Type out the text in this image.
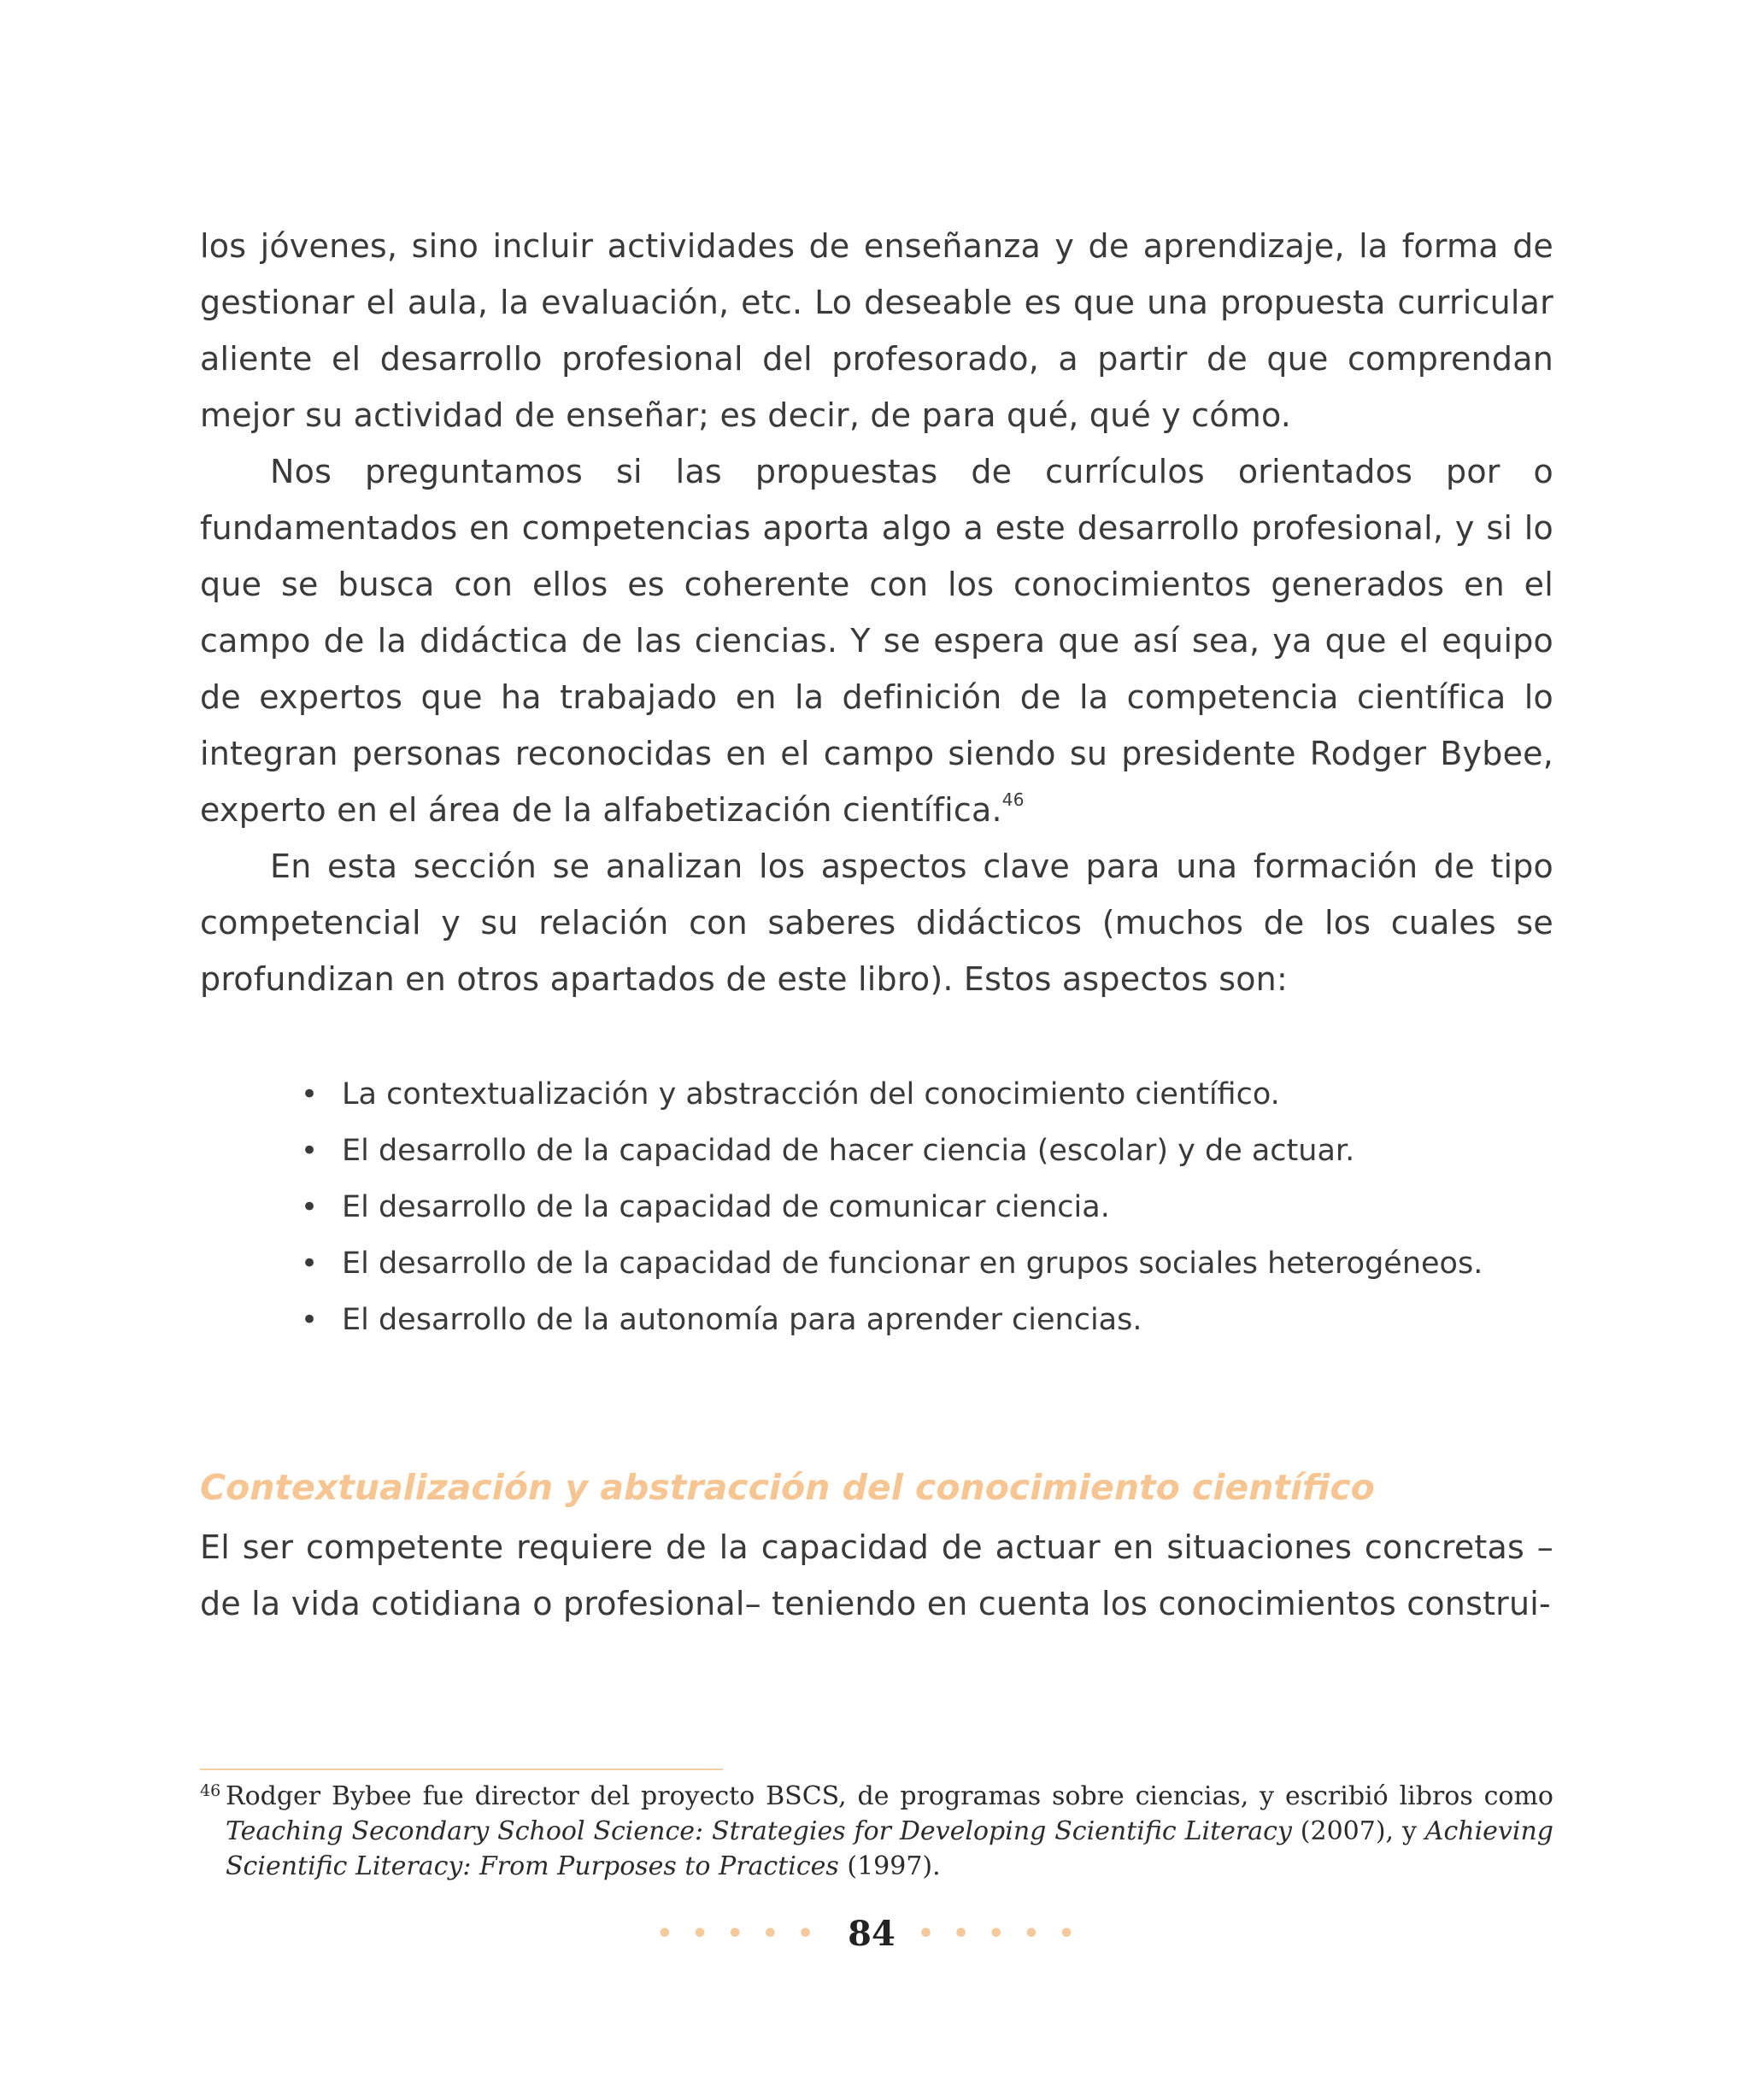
los jóvenes, sino incluir actividades de enseñanza y de aprendizaje, la forma de gestionar el aula, la evaluación, etc. Lo deseable es que una propuesta curricular aliente el desarrollo profesional del profesorado, a partir de que comprendan mejor su actividad de enseñar; es decir, de para qué, qué y cómo.

Nos preguntamos si las propuestas de currículos orientados por o fundamentados en competencias aporta algo a este desarrollo profesional, y si lo que se busca con ellos es coherente con los conocimientos generados en el campo de la didáctica de las ciencias. Y se espera que así sea, ya que el equipo de expertos que ha trabajado en la definición de la competencia científica lo integran personas reconocidas en el campo siendo su presidente Rodger Bybee, experto en el área de la alfabetización científica.$^{46}$

En esta sección se analizan los aspectos clave para una formación de tipo competencial y su relación con saberes didácticos (muchos de los cuales se profundizan en otros apartados de este libro). Estos aspectos son:

• La contextualización y abstracción del conocimiento científico.
• El desarrollo de la capacidad de hacer ciencia (escolar) y de actuar.
• El desarrollo de la capacidad de comunicar ciencia.
• El desarrollo de la capacidad de funcionar en grupos sociales heterogéneos.
• El desarrollo de la autonomía para aprender ciencias.
Contextualización y abstracción del conocimiento científico

El ser competente requiere de la capacidad de actuar en situaciones concretas –de la vida cotidiana o profesional– teniendo en cuenta los conocimientos construi-

46 Rodger Bybee fue director del proyecto BSCS, de programas sobre ciencias, y escribió libros como Teaching Secondary School Science: Strategies for Developing Scientific Literacy (2007), y Achieving Scientific Literacy: From Purposes to Practices (1997).
••••• 84 •••••
